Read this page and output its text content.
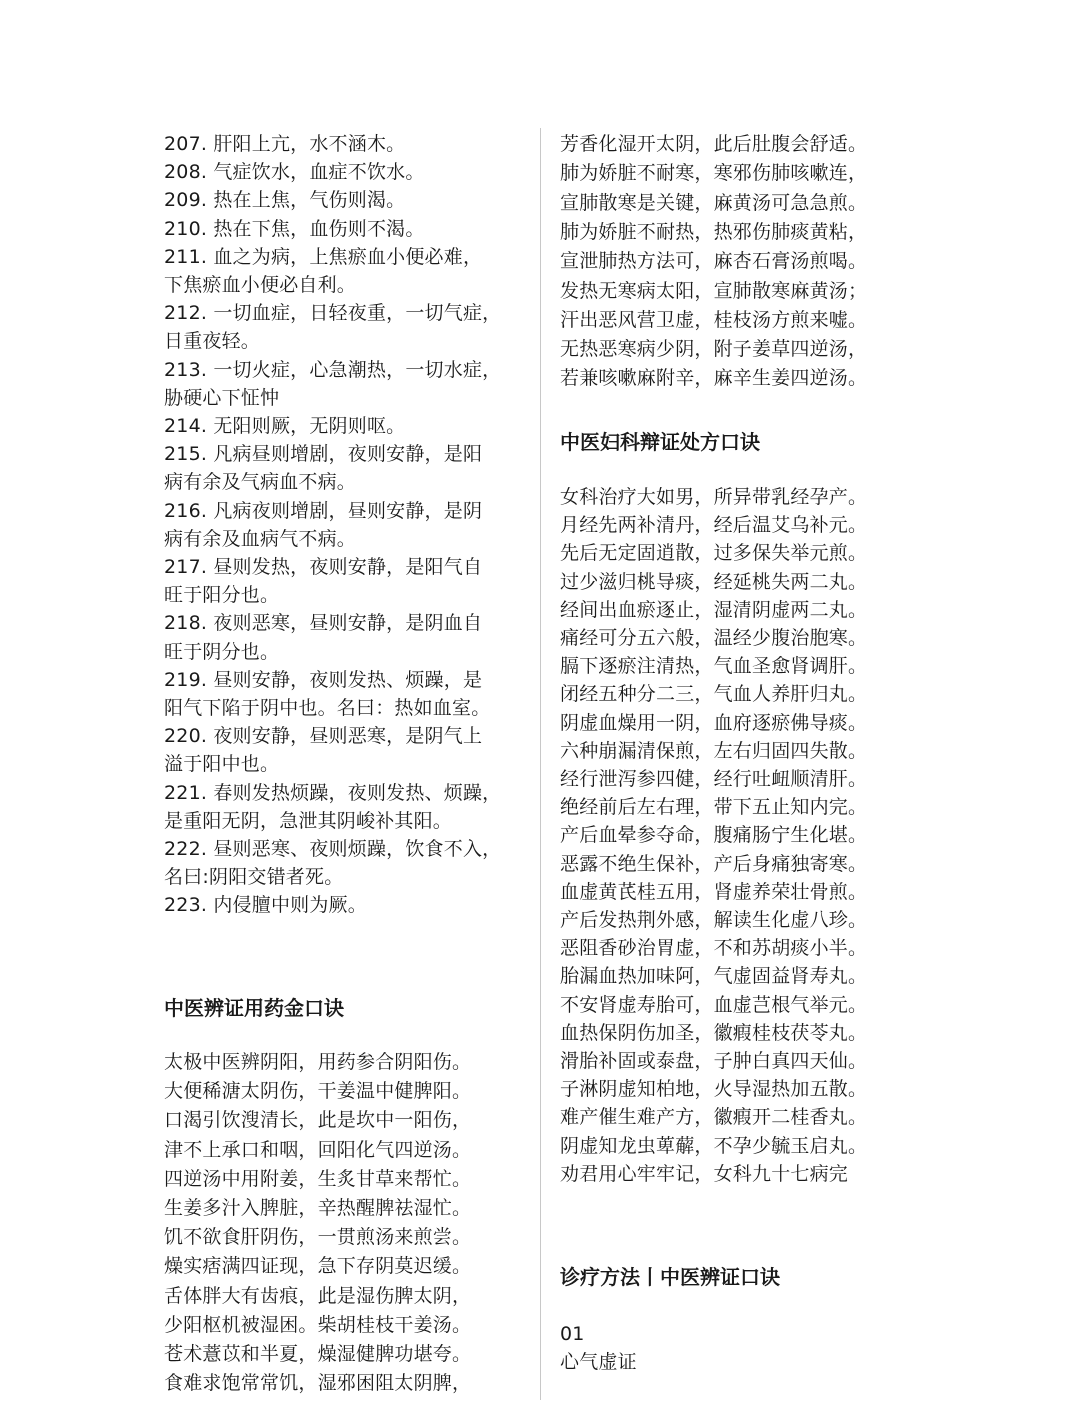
207. 肝阳上亢，水不涵木。
208. 气症饮水，血症不饮水。
209. 热在上焦，气伤则渴。
210. 热在下焦，血伤则不渴。
211. 血之为病，上焦瘀血小便必难，
下焦瘀血小便必自利。
212. 一切血症，日轻夜重，一切气症，
日重夜轻。
213. 一切火症，心急潮热，一切水症，
胁硬心下怔忡
214. 无阳则厥，无阴则呕。
215. 凡病昼则增剧，夜则安静，是阳
病有余及气病血不病。
216. 凡病夜则增剧，昼则安静，是阴
病有余及血病气不病。
217. 昼则发热，夜则安静，是阳气自
旺于阳分也。
218. 夜则恶寒，昼则安静，是阴血自
旺于阴分也。
219. 昼则安静，夜则发热、烦躁，是
阳气下陷于阴中也。名曰：热如血室。
220. 夜则安静，昼则恶寒，是阴气上
溢于阳中也。
221. 春则发热烦躁，夜则发热、烦躁，
是重阳无阴，急泄其阴峻补其阳。
222. 昼则恶寒、夜则烦躁，饮食不入，
名曰:阴阳交错者死。
223. 内侵膻中则为厥。
中医辨证用药金口诀
太极中医辨阴阳，用药参合阴阳伤。
大便稀溏太阴伤，干姜温中健脾阳。
口渴引饮溲清长，此是坎中一阳伤，
津不上承口和咽，回阳化气四逆汤。
四逆汤中用附姜，生炙甘草来帮忙。
生姜多汁入脾脏，辛热醒脾祛湿忙。
饥不欲食肝阴伤，一贯煎汤来煎尝。
燥实痞满四证现，急下存阴莫迟缓。
舌体胖大有齿痕，此是湿伤脾太阴，
少阳枢机被湿困。柴胡桂枝干姜汤。
苍术薏苡和半夏，燥湿健脾功堪夸。
食难求饱常常饥，湿邪困阻太阴脾，
芳香化湿开太阴，此后肚腹会舒适。
肺为娇脏不耐寒，寒邪伤肺咳嗽连，
宣肺散寒是关键，麻黄汤可急急煎。
肺为娇脏不耐热，热邪伤肺痰黄粘，
宣泄肺热方法可，麻杏石膏汤煎喝。
发热无寒病太阳，宣肺散寒麻黄汤；
汗出恶风营卫虚，桂枝汤方煎来嘘。
无热恶寒病少阴，附子姜草四逆汤，
若兼咳嗽麻附辛，麻辛生姜四逆汤。
中医妇科辩证处方口诀
女科治疗大如男，所异带乳经孕产。
月经先两补清丹，经后温艾乌补元。
先后无定固逍散，过多保失举元煎。
过少滋归桃导痰，经延桃失两二丸。
经间出血瘀逐止，湿清阴虚两二丸。
痛经可分五六般，温经少腹治胞寒。
膈下逐瘀注清热，气血圣愈肾调肝。
闭经五种分二三，气血人养肝归丸。
阴虚血燥用一阴，血府逐瘀佛导痰。
六种崩漏清保煎，左右归固四失散。
经行泄泻参四健，经行吐衄顺清肝。
绝经前后左右理，带下五止知内完。
产后血晕参夺命，腹痛肠宁生化堪。
恶露不绝生保补，产后身痛独寄寒。
血虚黄芪桂五用，肾虚养荣壮骨煎。
产后发热荆外感，解读生化虚八珍。
恶阻香砂治胃虚，不和苏胡痰小半。
胎漏血热加味阿，气虚固益肾寿丸。
不安肾虚寿胎可，血虚芑根气举元。
血热保阴伤加圣，徽瘕桂枝茯苓丸。
滑胎补固或泰盘，子肿白真四天仙。
子淋阴虚知柏地，火导湿热加五散。
难产催生难产方，徽瘕开二桂香丸。
阴虚知龙虫萆薢，不孕少毓玉启丸。
劝君用心牢牢记，女科九十七病完
诊疗方法丨中医辨证口诀
01
心气虚证
